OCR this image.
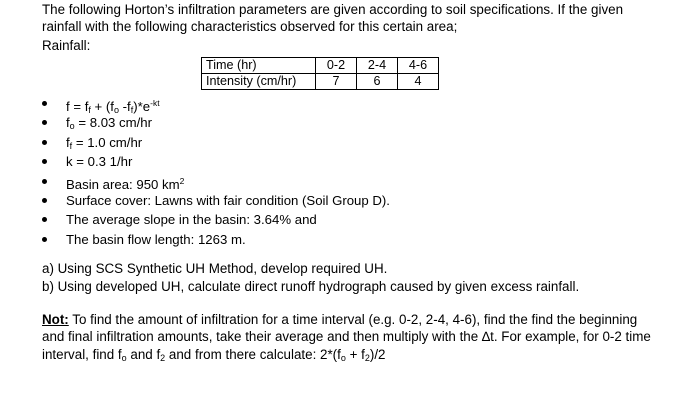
The following Horton’s infiltration parameters are given according to soil specifications. If the given rainfall with the following characteristics observed for this certain area;
Rainfall:
Time (hr)	0-2	2-4	4-6
Intensity (cm/hr)	7	6	4
$f = f_f + (f_o$ $-f_f)*e^{-kt}$
$f_o = 8.03$ cm/hr
$f_f = 1.0$ cm/hr
k = 0.3 1/hr
Basin area: 950 $km^2$
Surface cover: Lawns with fair condition (Soil Group D).
The average slope in the basin: 3.64% and
The basin flow length: 1263 m.
a) Using SCS Synthetic UH Method, develop required UH.
b) Using developed UH, calculate direct runoff hydrograph caused by given excess rainfall.
Not: To find the amount of infiltration for a time interval (e.g. 0-2, 2-4, 4-6), find the find the beginning and final infiltration amounts, take their average and then multiply with the ∆t. For example, for 0-2 time interval, find $f_o$ and $f_2$ and from there calculate: $2*(f_o + f_2)/2$
